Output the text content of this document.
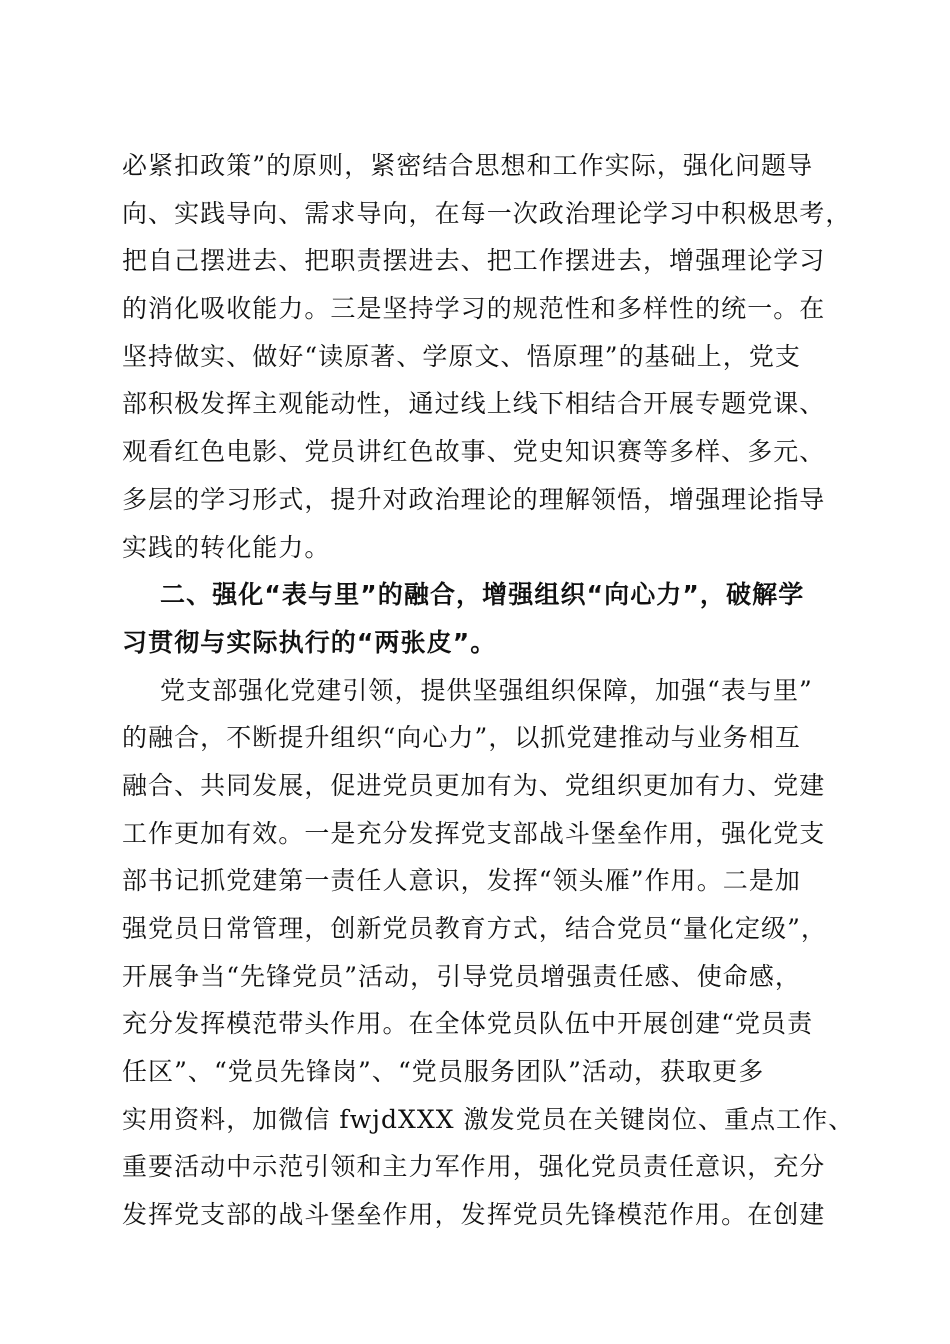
必紧扣政策”的原则，紧密结合思想和工作实际，强化问题导
向、实践导向、需求导向，在每一次政治理论学习中积极思考，
把自己摆进去、把职责摆进去、把工作摆进去，增强理论学习
的消化吸收能力。三是坚持学习的规范性和多样性的统一。在
坚持做实、做好“读原著、学原文、悟原理”的基础上，党支
部积极发挥主观能动性，通过线上线下相结合开展专题党课、
观看红色电影、党员讲红色故事、党史知识赛等多样、多元、
多层的学习形式，提升对政治理论的理解领悟，增强理论指导
实践的转化能力。
二、强化“表与里”的融合，增强组织“向心力”，破解学
习贯彻与实际执行的“两张皮”。
党支部强化党建引领，提供坚强组织保障，加强“表与里”
的融合，不断提升组织“向心力”，以抓党建推动与业务相互
融合、共同发展，促进党员更加有为、党组织更加有力、党建
工作更加有效。一是充分发挥党支部战斗堡垒作用，强化党支
部书记抓党建第一责任人意识，发挥“领头雁”作用。二是加
强党员日常管理，创新党员教育方式，结合党员“量化定级”，
开展争当“先锋党员”活动，引导党员增强责任感、使命感，
充分发挥模范带头作用。在全体党员队伍中开展创建“党员责
任区”、“党员先锋岗”、“党员服务团队”活动，获取更多
实用资料，加微信 fwjdXXX 激发党员在关键岗位、重点工作、
重要活动中示范引领和主力军作用，强化党员责任意识，充分
发挥党支部的战斗堡垒作用，发挥党员先锋模范作用。在创建
